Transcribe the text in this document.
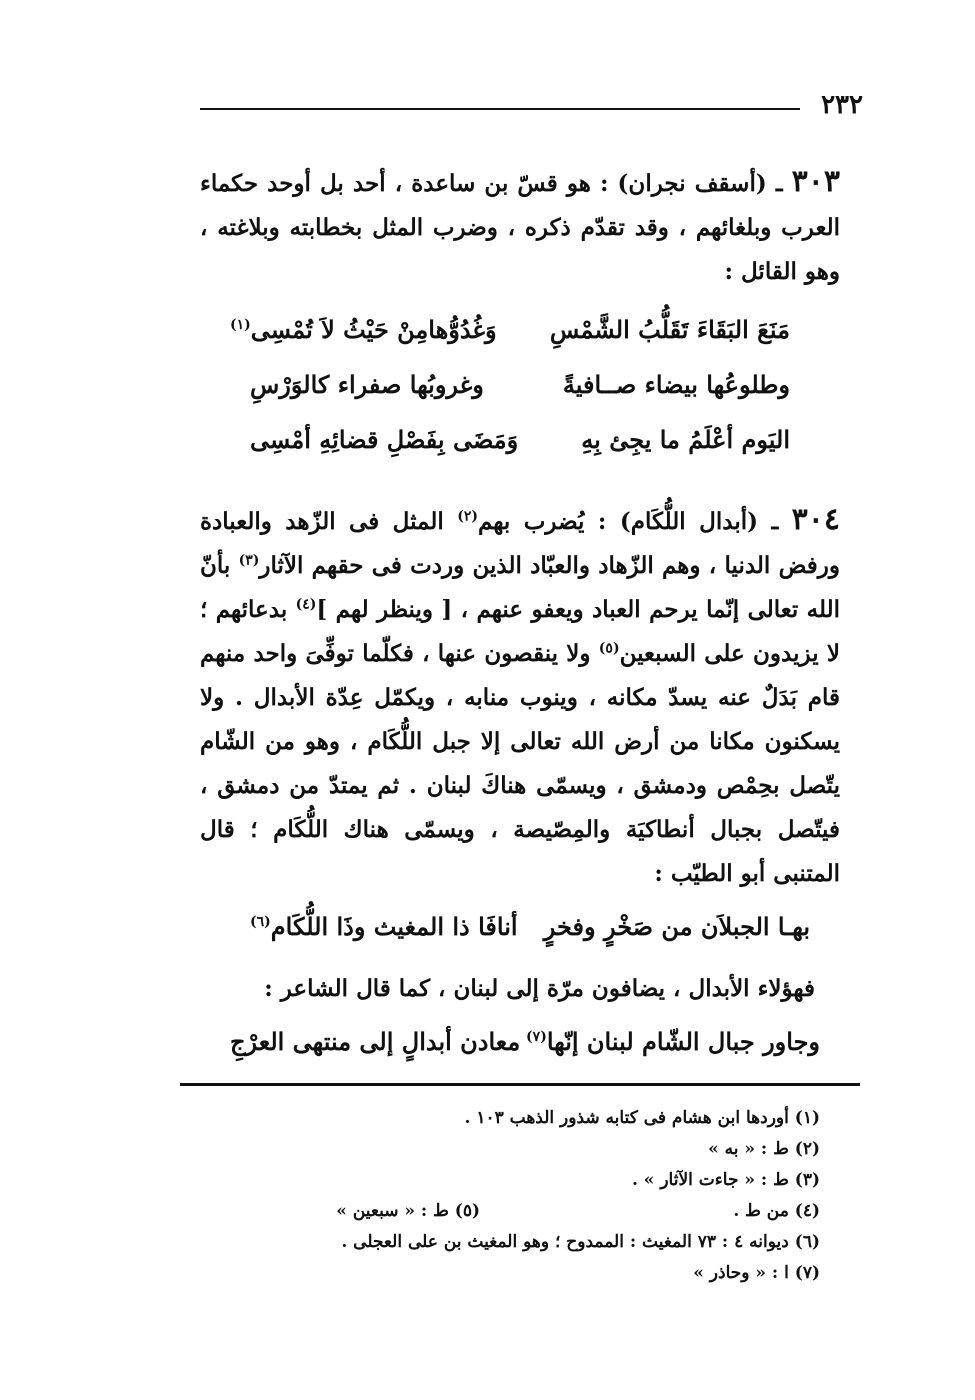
٢٣٢
٣٠٣ ـ (أسقف نجران) : هو قسّ بن ساعدة ، أحد بل أوحد حكماء العرب وبلغائهم ، وقد تقدّم ذكره ، وضرب المثل بخطابته وبلاغته ، وهو القائل :
مَنَعَ البَقَاءَ تَقَلُّبُ الشَّمْسِ
وَغُدُوُّهامِنْ حَيْثُ لاَ تُمْسِى$^{(١)}$
وطلوعُها بيضاء صــافيةً
وغروبُها صفراء كالوَرْسِ
اليَوم أعْلَمُ ما يجِئ بِهِ
وَمَضَى بِفَصْلِ قضائِهِ أمْسِى
٣٠٤ ـ (أبدال اللُّكَام) : يُضرب بهم$^{(٢)}$ المثل فى الزّهد والعبادة ورفض الدنيا ، وهم الزّهاد والعبّاد الذين وردت فى حقهم الآثار$^{(٣)}$ بأنّ الله تعالى إنّما يرحم العباد ويعفو عنهم ، [ وينظر لهم ]$^{(٤)}$ بدعائهم ؛ لا يزيدون على السبعين$^{(٥)}$ ولا ينقصون عنها ، فكلّما توفِّىَ واحد منهم قام بَدَلٌ عنه يسدّ مكانه ، وينوب منابه ، ويكمّل عِدّة الأبدال . ولا يسكنون مكانا من أرض الله تعالى إلا جبل اللُّكَام ، وهو من الشّام يتّصل بحِمْص ودمشق ، ويسمّى هناكَ لبنان . ثم يمتدّ من دمشق ، فيتّصل بجبال أنطاكيَة والمِصّيصة ، ويسمّى هناك اللُّكَام ؛ قال المتنبى أبو الطيّب :
بهـا الجبلاَن من صَخْرٍ وفخرٍ
أنافَا ذا المغيث وذَا اللُّكَام$^{(٦)}$
فهؤلاء الأبدال ، يضافون مرّة إلى لبنان ، كما قال الشاعر :
وجاور جبال الشّام لبنان إنّها$^{(٧)}$
معادن أبدالٍ إلى منتهى العرْجِ
(١) أوردها ابن هشام فى كتابه شذور الذهب ١٠٣ .
(٢) ط : « به »
(٣) ط : « جاءت الآثار » .
(٤) من ط .
(٥) ط : « سبعين »
(٦) ديوانه ٤ : ٧٣ المغيث : الممدوح ؛ وهو المغيث بن على العجلى .
(٧) ا : « وحاذر »
